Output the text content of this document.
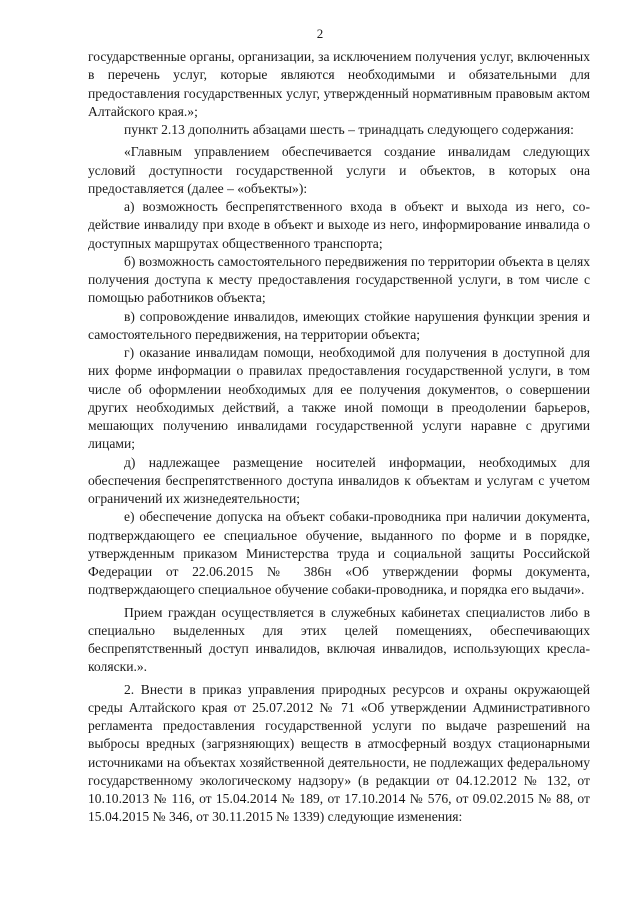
2

государственные органы, организации, за исключением получения услуг, включенных в перечень услуг, которые являются необходимыми и обязательными для предоставления государственных услуг, утвержденный нормативным правовым актом Алтайского края.»;

пункт 2.13 дополнить абзацами шесть – тринадцать следующего содержания:

«Главным управлением обеспечивается создание инвалидам следующих условий доступности государственной услуги и объектов, в которых она предоставляется (далее – «объекты»):

а) возможность беспрепятственного входа в объект и выхода из него, содействие инвалиду при входе в объект и выходе из него, информирование инвалида о доступных маршрутах общественного транспорта;

б) возможность самостоятельного передвижения по территории объекта в целях получения доступа к месту предоставления государственной услуги, в том числе с помощью работников объекта;

в) сопровождение инвалидов, имеющих стойкие нарушения функции зрения и самостоятельного передвижения, на территории объекта;

г) оказание инвалидам помощи, необходимой для получения в доступной для них форме информации о правилах предоставления государственной услуги, в том числе об оформлении необходимых для ее получения документов, о совершении других необходимых действий, а также иной помощи в преодолении барьеров, мешающих получению инвалидами государственной услуги наравне с другими лицами;

д) надлежащее размещение носителей информации, необходимых для обеспечения беспрепятственного доступа инвалидов к объектам и услугам с учетом ограничений их жизнедеятельности;

е) обеспечение допуска на объект собаки-проводника при наличии документа, подтверждающего ее специальное обучение, выданного по форме и в порядке, утвержденным приказом Министерства труда и социальной защиты Российской Федерации от 22.06.2015 № 386н «Об утверждении формы документа, подтверждающего специальное обучение собаки-проводника, и порядка его выдачи».

Прием граждан осуществляется в служебных кабинетах специалистов либо в специально выделенных для этих целей помещениях, обеспечивающих беспрепятственный доступ инвалидов, включая инвалидов, использующих кресла-коляски.».

2. Внести в приказ управления природных ресурсов и охраны окружающей среды Алтайского края от 25.07.2012 № 71 «Об утверждении Административного регламента предоставления государственной услуги по выдаче разрешений на выбросы вредных (загрязняющих) веществ в атмосферный воздух стационарными источниками на объектах хозяйственной деятельности, не подлежащих федеральному государственному экологическому надзору» (в редакции от 04.12.2012 № 132, от 10.10.2013 № 116, от 15.04.2014 № 189, от 17.10.2014 № 576, от 09.02.2015 № 88, от 15.04.2015 № 346, от 30.11.2015 № 1339) следующие изменения:
